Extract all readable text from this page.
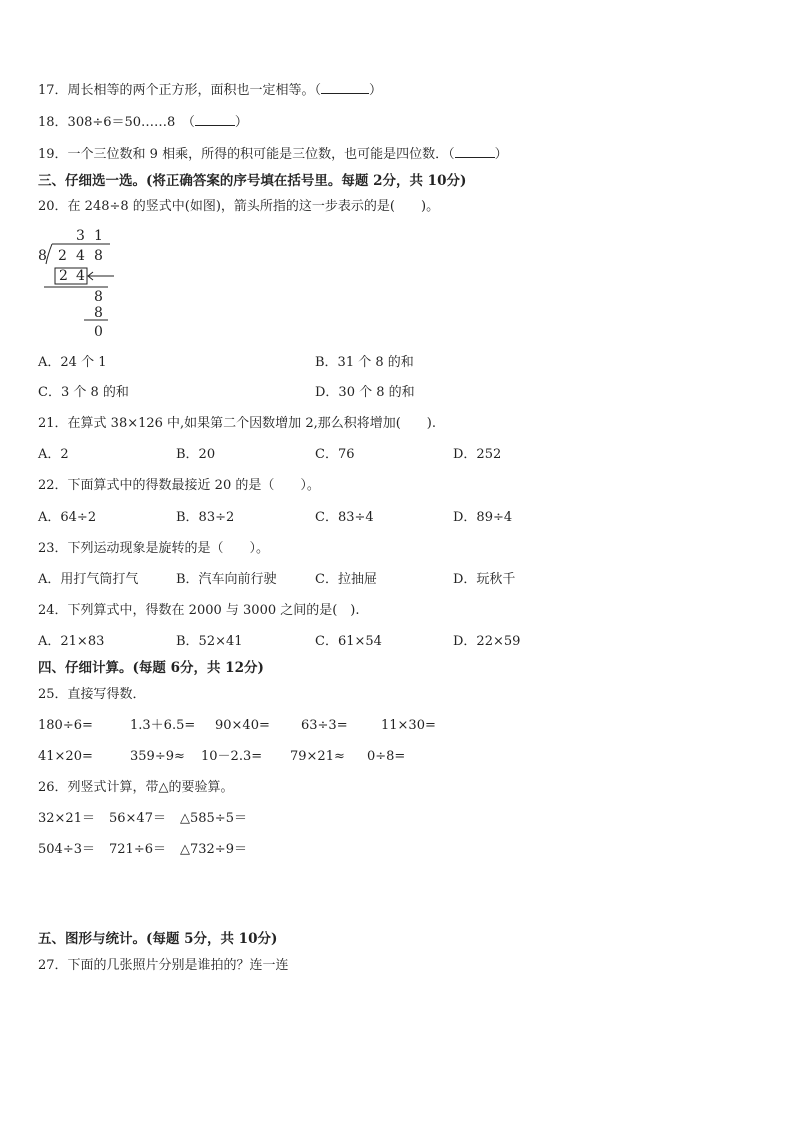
17．周长相等的两个正方形，面积也一定相等。（	）
18．308÷6＝50……8　（	）
19．一个三位数和 9 相乘，所得的积可能是三位数，也可能是四位数．（	）
三、仔细选一选。(将正确答案的序号填在括号里。每题 2分，共 10分)
20．在 248÷8 的竖式中(如图)，箭头所指的这一步表示的是(　　)。
3 1
8 2 4 8
2 4
8
8
0
A．24 个 1	B．31 个 8 的和
C．3 个 8 的和	D．30 个 8 的和
21．在算式 38×126 中,如果第二个因数增加 2,那么积将增加(　　).
A．2	B．20	C．76	D．252
22．下面算式中的得数最接近 20 的是（　　）。
A．64÷2	B．83÷2	C．83÷4	D．89÷4
23．下列运动现象是旋转的是（　　）。
A．用打气筒打气	B．汽车向前行驶	C．拉抽屉	D．玩秋千
24．下列算式中，得数在 2000 与 3000 之间的是(　).
A．21×83	B．52×41	C．61×54	D．22×59
四、仔细计算。(每题 6分，共 12分)
25．直接写得数．
180÷6=	1.3＋6.5= 90×40= 63÷3=	11×30=
41×20=	359÷9≈ 10－2.3= 79×21≈ 0÷8=
26．列竖式计算，带△的要验算。
32×21＝ 56×47＝ △585÷5＝
504÷3＝ 721÷6＝ △732÷9＝
五、图形与统计。(每题 5分，共 10分)
27．下面的几张照片分别是谁拍的？连一连
